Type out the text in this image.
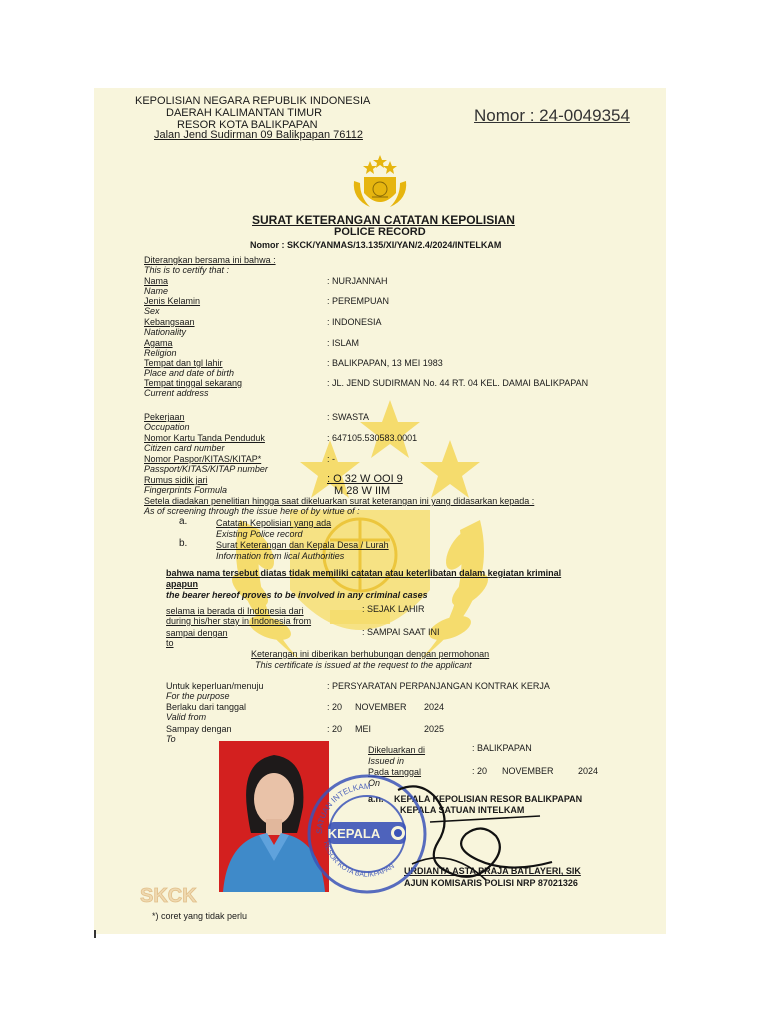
KEPOLISIAN NEGARA REPUBLIK INDONESIA
DAERAH KALIMANTAN TIMUR
RESOR KOTA BALIKPAPAN
Jalan Jend Sudirman 09 Balikpapan 76112
Nomor : 24-0049354
SURAT KETERANGAN CATATAN KEPOLISIAN
POLICE RECORD
Nomor : SKCK/YANMAS/13.135/XI/YAN/2.4/2024/INTELKAM
Diterangkan bersama ini bahwa :
This is to certify that :
Nama
Name
: NURJANNAH
Jenis Kelamin
Sex
: PEREMPUAN
Kebangsaan
Nationality
: INDONESIA
Agama
Religion
: ISLAM
Tempat dan tgl lahir
Place and date of birth
: BALIKPAPAN, 13 MEI 1983
Tempat tinggal sekarang
Current address
: JL. JEND SUDIRMAN No. 44 RT. 04 KEL. DAMAI BALIKPAPAN
Pekerjaan
Occupation
: SWASTA
Nomor Kartu Tanda Penduduk
Citizen card number
: 647105.530583.0001
Nomor Paspor/KITAS/KITAP*
Passport/KITAS/KITAP number
: -
Rumus sidik jari
Fingerprints Formula
: O 32 W OOI 9
M 28 W IIM
Setela diadakan penelitian hingga saat dikeluarkan surat keterangan ini yang didasarkan kepada :
As of screening through the issue here of by virtue of :
a.	Catatan Kepolisian yang ada
Existing Police record
b.	Surat Keterangan dan Kepala Desa / Lurah
Information from lical Authorities
bahwa nama tersebut diatas tidak memiliki catatan atau keterlibatan dalam kegiatan kriminal
apapun
the bearer hereof proves to be involved in any criminal cases
selama ia berada di Indonesia dari
during his/her stay in Indonesia from
: SEJAK LAHIR
sampai dengan
to
: SAMPAI SAAT INI
Keterangan ini diberikan berhubungan dengan permohonan
This certificate is issued at the request to the applicant
Untuk keperluan/menuju
For the purpose
: PERSYARATAN PERPANJANGAN KONTRAK KERJA
Berlaku dari tanggal
Valid from
: 20 NOVEMBER 2024
Sampay dengan
To
: 20 MEI	2025
Dikeluarkan di
Issued in
: BALIKPAPAN
Pada tanggal
On
: 20 NOVEMBER	2024
a.n. KEPALA KEPOLISIAN RESOR BALIKPAPAN
KEPALA SATUAN INTELKAM
URDIANTA ASTA PRAJA BATLAYERI, SIK
AJUN KOMISARIS POLISI NRP 87021326
SATUAN INTELKAM
RESOR KOTA BALIKPAPAN
KEPALA
SKCK
*) coret yang tidak perlu
